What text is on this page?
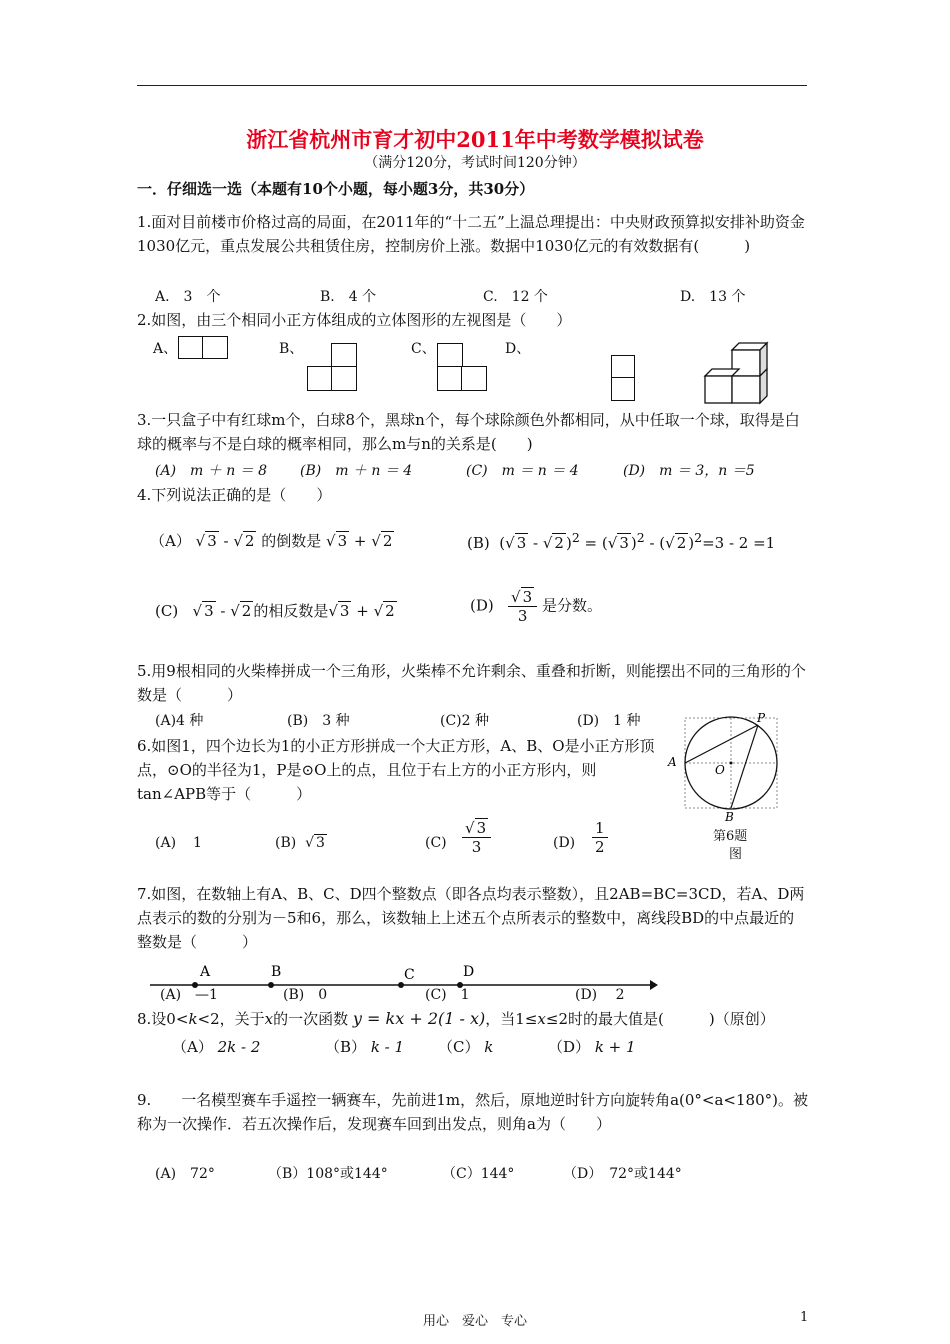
浙江省杭州市育才初中2011年中考数学模拟试卷
（满分120分，考试时间120分钟）
一．仔细选一选（本题有10个小题，每小题3分，共30分）
1.面对目前楼市价格过高的局面，在2011年的“十二五”上温总理提出：中央财政预算拟安排补助资金1030亿元，重点发展公共租赁住房，控制房价上涨。数据中1030亿元的有效数据有(　　　)
A.　3　个	B.　4 个	C.　12 个	D.　13 个
2.如图，由三个相同小正方体组成的立体图形的左视图是（　　）
A、	B、	C、	D、
3.一只盒子中有红球m个，白球8个，黑球n个，每个球除颜色外都相同，从中任取一个球，取得是白球的概率与不是白球的概率相同，那么m与n的关系是(　　)
(A)　m ＋ n ＝ 8 (B)　m ＋ n ＝ 4	(C)　m ＝ n ＝ 4	(D)　m ＝ 3，n ＝5
4.下列说法正确的是（　　）
（A） √ 3 - √ 2 的倒数是 √ 3 + √ 2	(B) (√ 3 - √ 2 )$^2$ = (√ 3 )$^2$ - (√ 2 )$^2$=3 - 2 =1
(C) √ 3 - √ 2 的相反数是√ 3 + √ 2	$(D) \frac{√ 3}{3}$ 是分数。
5.用9根相同的火柴棒拼成一个三角形，火柴棒不允许剩余、重叠和折断，则能摆出不同的三角形的个数是（　　　）
(A)4 种	(B)　3 种	(C)2 种	(D)　1 种
6.如图1，四个边长为1的小正方形拼成一个大正方形，A、B、O是小正方形顶点，⊙O的半径为1，P是⊙O上的点，且位于右上方的小正方形内，则tan∠APB等于（　　　）
(A) 1	(B) √ 3	$(C) \frac{√ 3}{3}$	$(D) \frac{1}{2}$
P
A
O
B
第6题
图
7.如图，在数轴上有A、B、C、D四个整数点（即各点均表示整数），且2AB=BC=3CD，若A、D两点表示的数的分别为－5和6，那么，该数轴上上述五个点所表示的整数中，离线段BD的中点最近的整数是（　　　）
A	B	C	D
(A)　—1	(B)　0	(C)　1	(D)　 2
8.设0<k<2，关于x的一次函数 y = kx + 2(1 - x)，当1≤x≤2时的最大值是(　　　)（原创）
（A） 2k - 2	（B） k - 1 （C） k	（D） k + 1
9.　　一名模型赛车手遥控一辆赛车，先前进1m，然后，原地逆时针方向旋转角a(0°<a<180°)。被称为一次操作．若五次操作后，发现赛车回到出发点，则角a为（　　）
(A)　72°	（B）108°或144°	（C）144°	（D）　72°或144°
用心　爱心　专心	1
